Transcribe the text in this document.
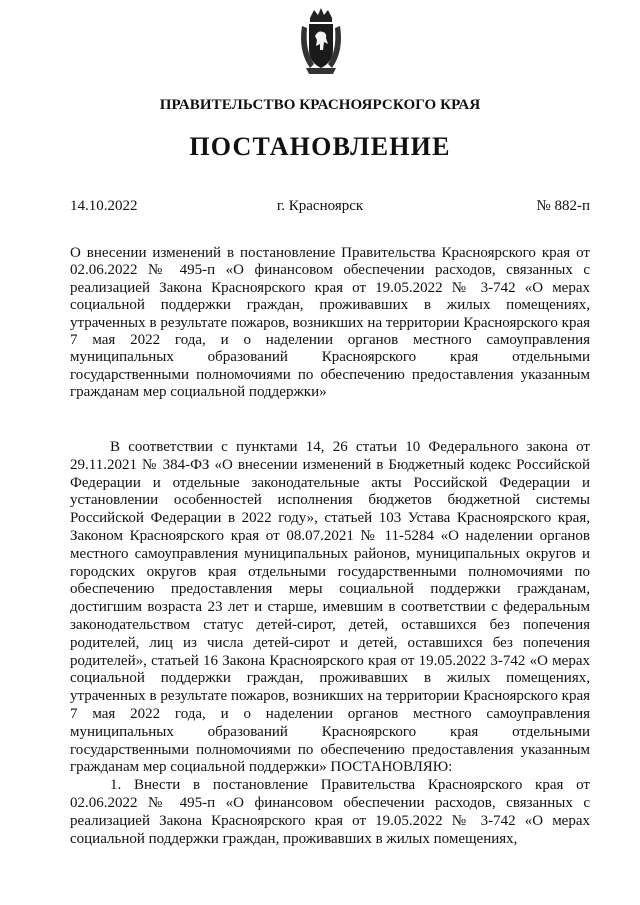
ПРАВИТЕЛЬСТВО КРАСНОЯРСКОГО КРАЯ
ПОСТАНОВЛЕНИЕ
14.10.2022	г. Красноярск	№ 882-п

О внесении изменений в постановление Правительства Красноярского края от 02.06.2022 № 495-п «О финансовом обеспечении расходов, связанных с реализацией Закона Красноярского края от 19.05.2022 № 3-742 «О мерах социальной поддержки граждан, проживавших в жилых помещениях, утраченных в результате пожаров, возникших на территории Красноярского края 7 мая 2022 года, и о наделении органов местного самоуправления муниципальных образований Красноярского края отдельными государственными полномочиями по обеспечению предоставления указанным гражданам мер социальной поддержки»

В соответствии с пунктами 14, 26 статьи 10 Федерального закона от 29.11.2021 № 384-ФЗ «О внесении изменений в Бюджетный кодекс Российской Федерации и отдельные законодательные акты Российской Федерации и установлении особенностей исполнения бюджетов бюджетной системы Российской Федерации в 2022 году», статьей 103 Устава Красноярского края, Законом Красноярского края от 08.07.2021 № 11-5284 «О наделении органов местного самоуправления муниципальных районов, муниципальных округов и городских округов края отдельными государственными полномочиями по обеспечению предоставления меры социальной поддержки гражданам, достигшим возраста 23 лет и старше, имевшим в соответствии с федеральным законодательством статус детей-сирот, детей, оставшихся без попечения родителей, лиц из числа детей-сирот и детей, оставшихся без попечения родителей», статьей 16 Закона Красноярского края от 19.05.2022 3-742 «О мерах социальной поддержки граждан, проживавших в жилых помещениях, утраченных в результате пожаров, возникших на территории Красноярского края 7 мая 2022 года, и о наделении органов местного самоуправления муниципальных образований Красноярского края отдельными государственными полномочиями по обеспечению предоставления указанным гражданам мер социальной поддержки» ПОСТАНОВЛЯЮ:

1. Внести в постановление Правительства Красноярского края от 02.06.2022 № 495-п «О финансовом обеспечении расходов, связанных с реализацией Закона Красноярского края от 19.05.2022 № 3-742 «О мерах социальной поддержки граждан, проживавших в жилых помещениях,
